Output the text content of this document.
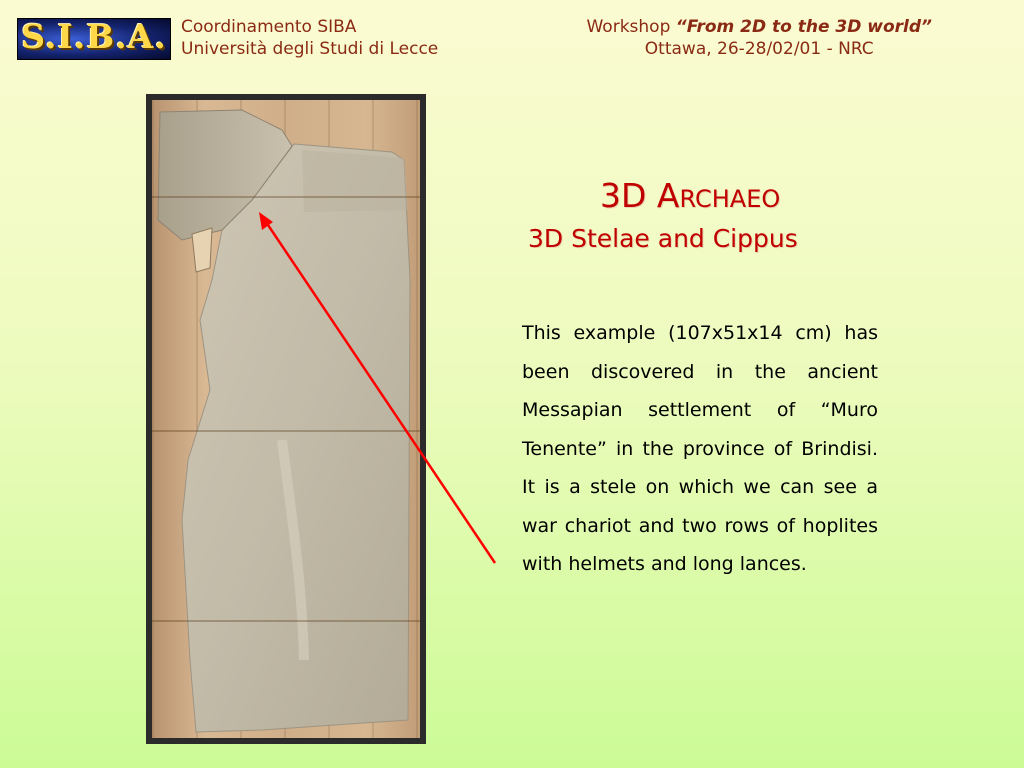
S.I.B.A. Coordinamento SIBA
Università degli Studi di Lecce
Workshop “From 2D to the 3D world”
Ottawa, 26-28/02/01 - NRC
3D ARCHAEO
3D Stelae and Cippus
This example (107x51x14 cm) has been discovered in the ancient Messapian settlement of “Muro Tenente” in the province of Brindisi. It is a stele on which we can see a war chariot and two rows of hoplites with helmets and long lances.
